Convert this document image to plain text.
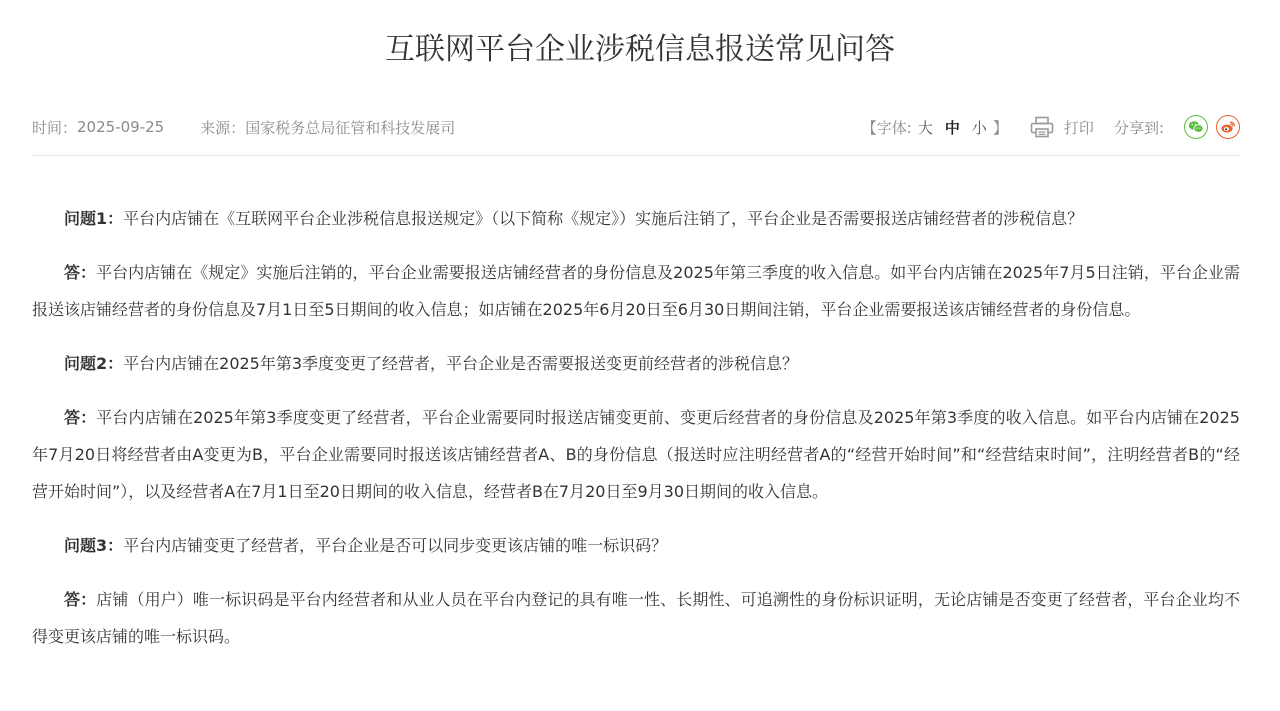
互联网平台企业涉税信息报送常见问答
时间： 2025-09-25 来源： 国家税务总局征管和科技发展司	【字体: 大 中 小 】	打印 分享到:

问题1：平台内店铺在《互联网平台企业涉税信息报送规定》（以下简称《规定》）实施后注销了，平台企业是否需要报送店铺经营者的涉税信息？

答：平台内店铺在《规定》实施后注销的，平台企业需要报送店铺经营者的身份信息及2025年第三季度的收入信息。如平台内店铺在2025年7月5日注销，平台企业需报送该店铺经营者的身份信息及7月1日至5日期间的收入信息；如店铺在2025年6月20日至6月30日期间注销，平台企业需要报送该店铺经营者的身份信息。

问题2：平台内店铺在2025年第3季度变更了经营者，平台企业是否需要报送变更前经营者的涉税信息？

答：平台内店铺在2025年第3季度变更了经营者，平台企业需要同时报送店铺变更前、变更后经营者的身份信息及2025年第3季度的收入信息。如平台内店铺在2025年7月20日将经营者由A变更为B，平台企业需要同时报送该店铺经营者A、B的身份信息（报送时应注明经营者A的“经营开始时间”和“经营结束时间”，注明经营者B的“经营开始时间”），以及经营者A在7月1日至20日期间的收入信息，经营者B在7月20日至9月30日期间的收入信息。

问题3：平台内店铺变更了经营者，平台企业是否可以同步变更该店铺的唯一标识码？

答：店铺（用户）唯一标识码是平台内经营者和从业人员在平台内登记的具有唯一性、长期性、可追溯性的身份标识证明，无论店铺是否变更了经营者，平台企业均不得变更该店铺的唯一标识码。
